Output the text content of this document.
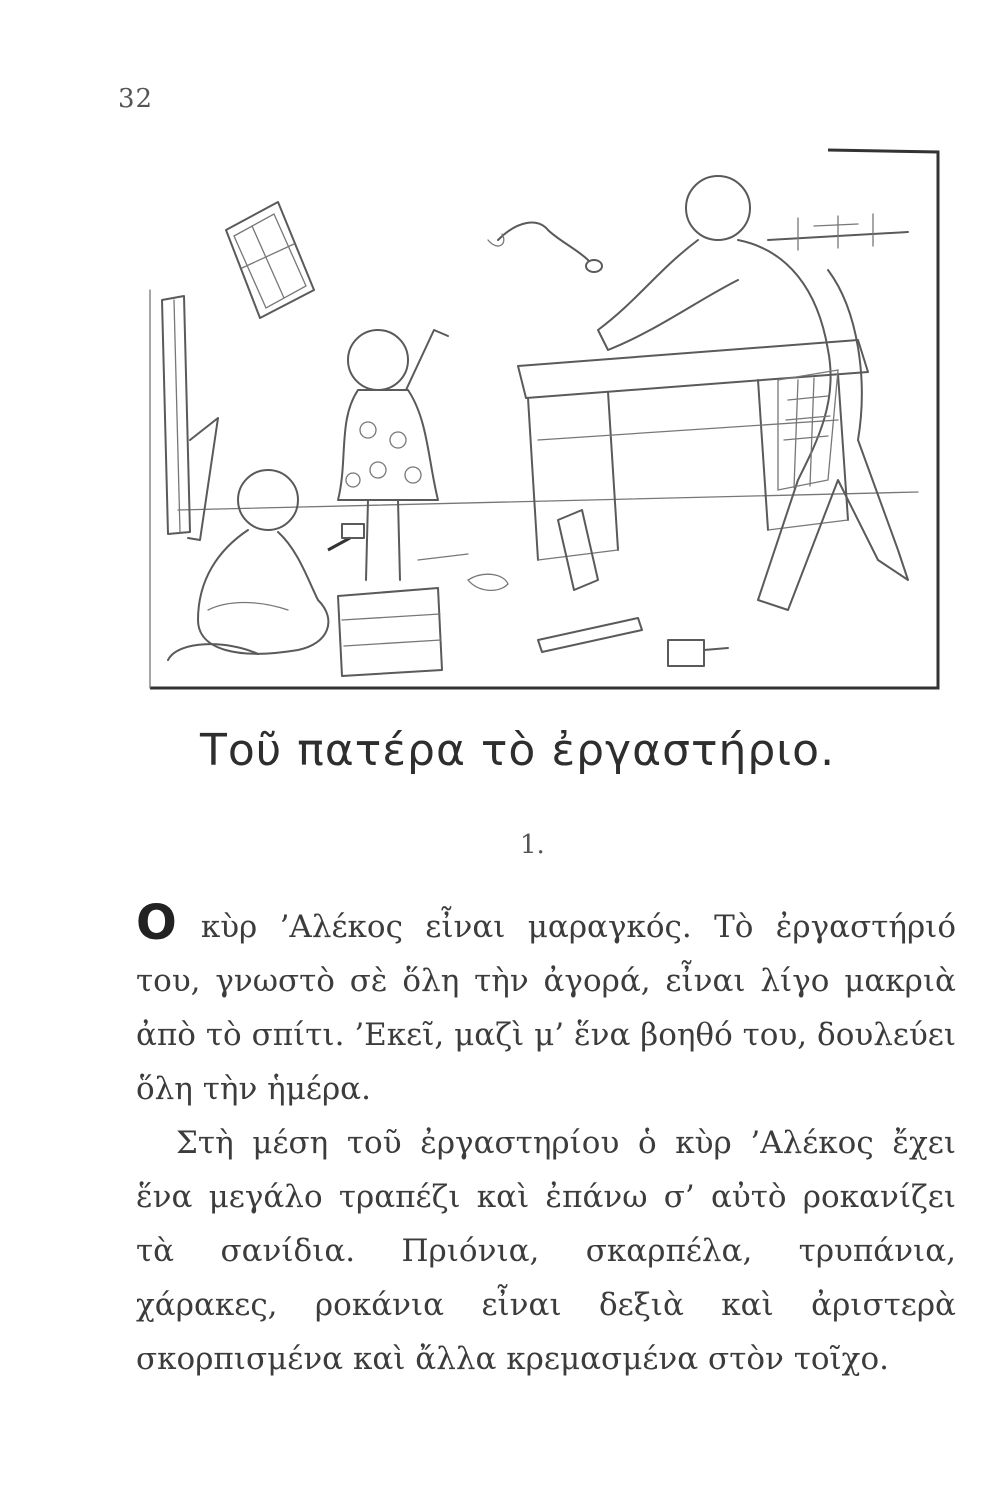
32
Τοῦ πατέρα τὸ ἐργαστήριο.
1.

Οκὺρ ’Αλέκος εἶναι μαραγκός. Τὸ ἐργαστήριό του, γνωστὸ σὲ ὅλη τὴν ἀγορά, εἶναι λίγο μακριὰ ἀπὸ τὸ σπίτι. ’Εκεῖ, μαζὶ μ’ ἕνα βοηθό του, δουλεύει ὅλη τὴν ἡμέρα.

Στὴ μέση τοῦ ἐργαστηρίου ὁ κὺρ ’Αλέκος ἔχει ἕνα μεγάλο τραπέζι καὶ ἐπάνω σ’ αὐτὸ ροκανίζει τὰ σανίδια. Πριόνια, σκαρπέλα, τρυπάνια, χάρακες, ροκάνια εἶναι δεξιὰ καὶ ἀριστερὰ σκορπισμένα καὶ ἄλλα κρεμασμένα στὸν τοῖχο.
